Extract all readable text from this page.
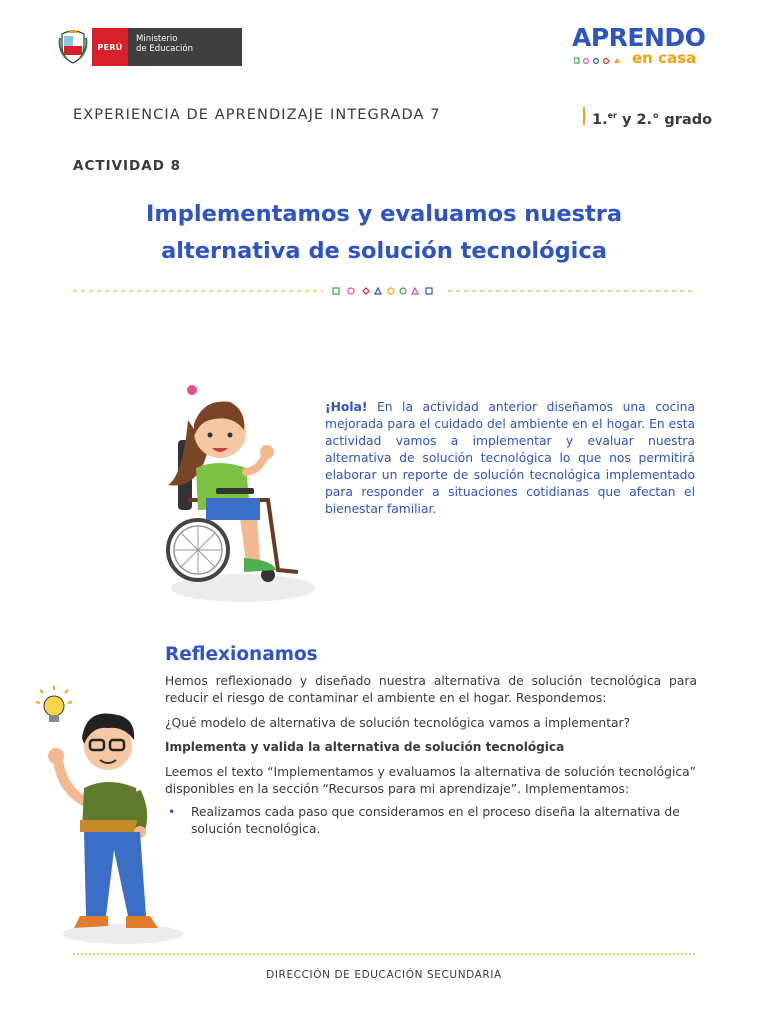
PERÚ
Ministerio
de Educación	APRENDO
en casa
EXPERIENCIA DE APRENDIZAJE INTEGRADA 7	1.$^{er}$ y 2.° grado
ACTIVIDAD 8
Implementamos y evaluamos nuestra
alternativa de solución tecnológica
¡Hola! En la actividad anterior diseñamos una cocina mejorada para el cuidado del ambiente en el hogar. En esta actividad vamos a implementar y evaluar nuestra alternativa de solución tecnológica lo que nos permitirá elaborar un reporte de solución tecnológica implementado para responder a situaciones cotidianas que afectan el bienestar familiar.
Reflexionamos
Hemos reflexionado y diseñado nuestra alternativa de solución tecnológica para reducir el riesgo de contaminar el ambiente en el hogar. Respondemos:
¿Qué modelo de alternativa de solución tecnológica vamos a implementar?
Implementa y valida la alternativa de solución tecnológica
Leemos el texto “Implementamos y evaluamos la alternativa de solución tecnológica” disponibles en la sección “Recursos para mi aprendizaje”. Implementamos:
• Realizamos cada paso que consideramos en el proceso diseña la alternativa de solución tecnológica.
DIRECCIÓN DE EDUCACIÓN SECUNDARIA
